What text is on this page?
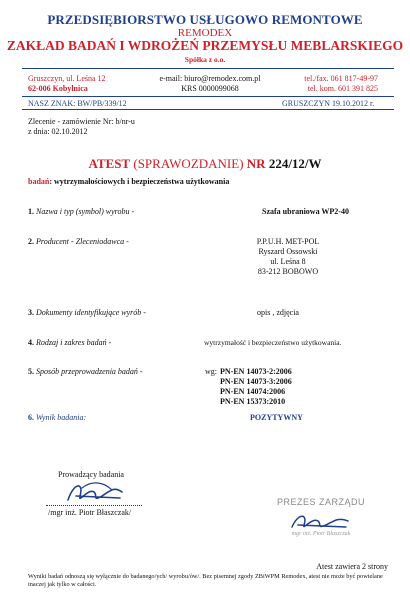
PRZEDSIĘBIORSTWO USŁUGOWO REMONTOWE
REMODEX
ZAKŁAD BADAŃ I WDROŻEŃ PRZEMYSŁU MEBLARSKIEGO
Spółka z o.o.
Gruszczyn, ul. Leśna 12
62-006 Kobylnica
e-mail: biuro@remodex.com.pl
KRS 0000099068
tel./fax. 061 817-49-97
tel. kom. 601 391 825
NASZ ZNAK: BW/PB/339/12	GRUSZCZYN 19.10.2012 r.
Zlecenie - zamówienie Nr: b/nr-u
z dnia: 02.10.2012
ATEST (SPRAWOZDANIE) NR 224/12/W
badań: wytrzymałościowych i bezpieczeństwa użytkowania
1. Nazwa i typ (symbol) wyrobu -	Szafa ubraniowa WP2-40
2. Producent - Zleceniodawca -	P.P.U.H. MET-POL
Ryszard Ossowski
ul. Leśna 8
83-212 BOBOWO
3. Dokumenty identyfikujące wyrób -	opis , zdjęcia
4. Rodzaj i zakres badań -	wytrzymałość i bezpieczeństwo użytkowania.
5. Sposób przeprowadzenia badań -	wg: PN-EN 14073-2:2006
PN-EN 14073-3:2006
PN-EN 14074:2006
PN-EN 15373:2010
6. Wynik badania:	POZYTYWNY
Prowadzący badania
/mgr inż. Piotr Błaszczak/
PREZES ZARZĄDU
mgr inż. Piotr Błaszczak
Atest zawiera 2 strony
Wyniki badań odnoszą się wyłącznie do badanego/ych/ wyrobu/ów/. Bez pisemnej zgody ZBiWPM Remodex, atest nie może być powielane inaczej jak tylko w całości.
